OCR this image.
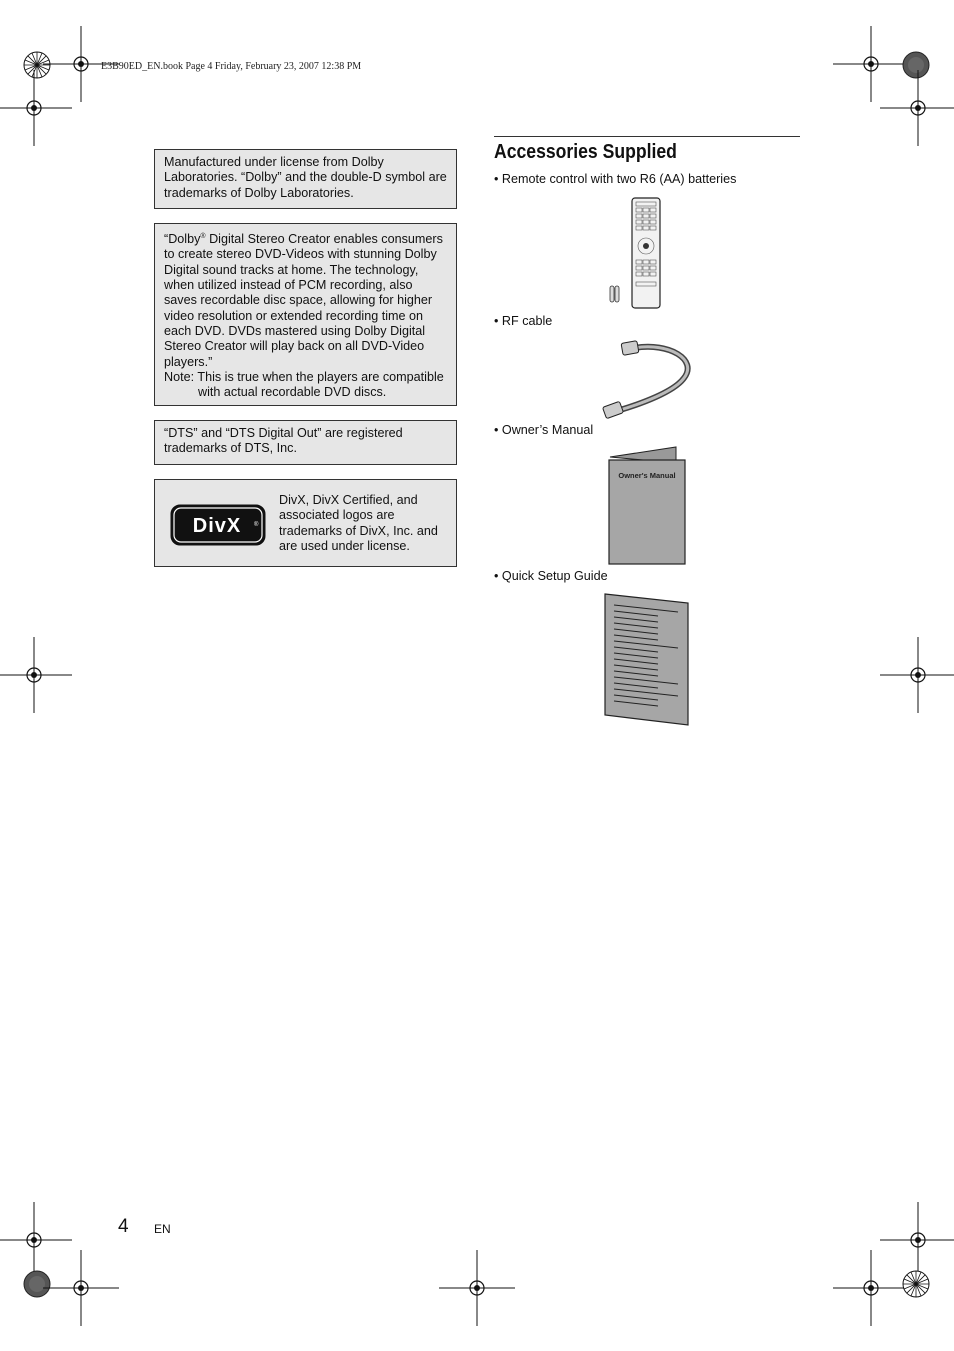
E3B90ED_EN.book Page 4 Friday, February 23, 2007 12:38 PM

Manufactured under license from Dolby Laboratories. “Dolby” and the double-D symbol are trademarks of Dolby Laboratories.

“Dolby® Digital Stereo Creator enables consumers to create stereo DVD-Videos with stunning Dolby Digital sound tracks at home. The technology, when utilized instead of PCM recording, also saves recordable disc space, allowing for higher video resolution or extended recording time on each DVD. DVDs mastered using Dolby Digital Stereo Creator will play back on all DVD-Video players.”

Note: This is true when the players are compatible with actual recordable DVD discs.

“DTS” and “DTS Digital Out” are registered trademarks of DTS, Inc.

DivX ®

DivX, DivX Certified, and associated logos are trademarks of DivX, Inc. and are used under license.

Accessories Supplied
• Remote control with two R6 (AA) batteries
• RF cable
• Owner’s Manual
Owner's Manual
• Quick Setup Guide
4 EN
